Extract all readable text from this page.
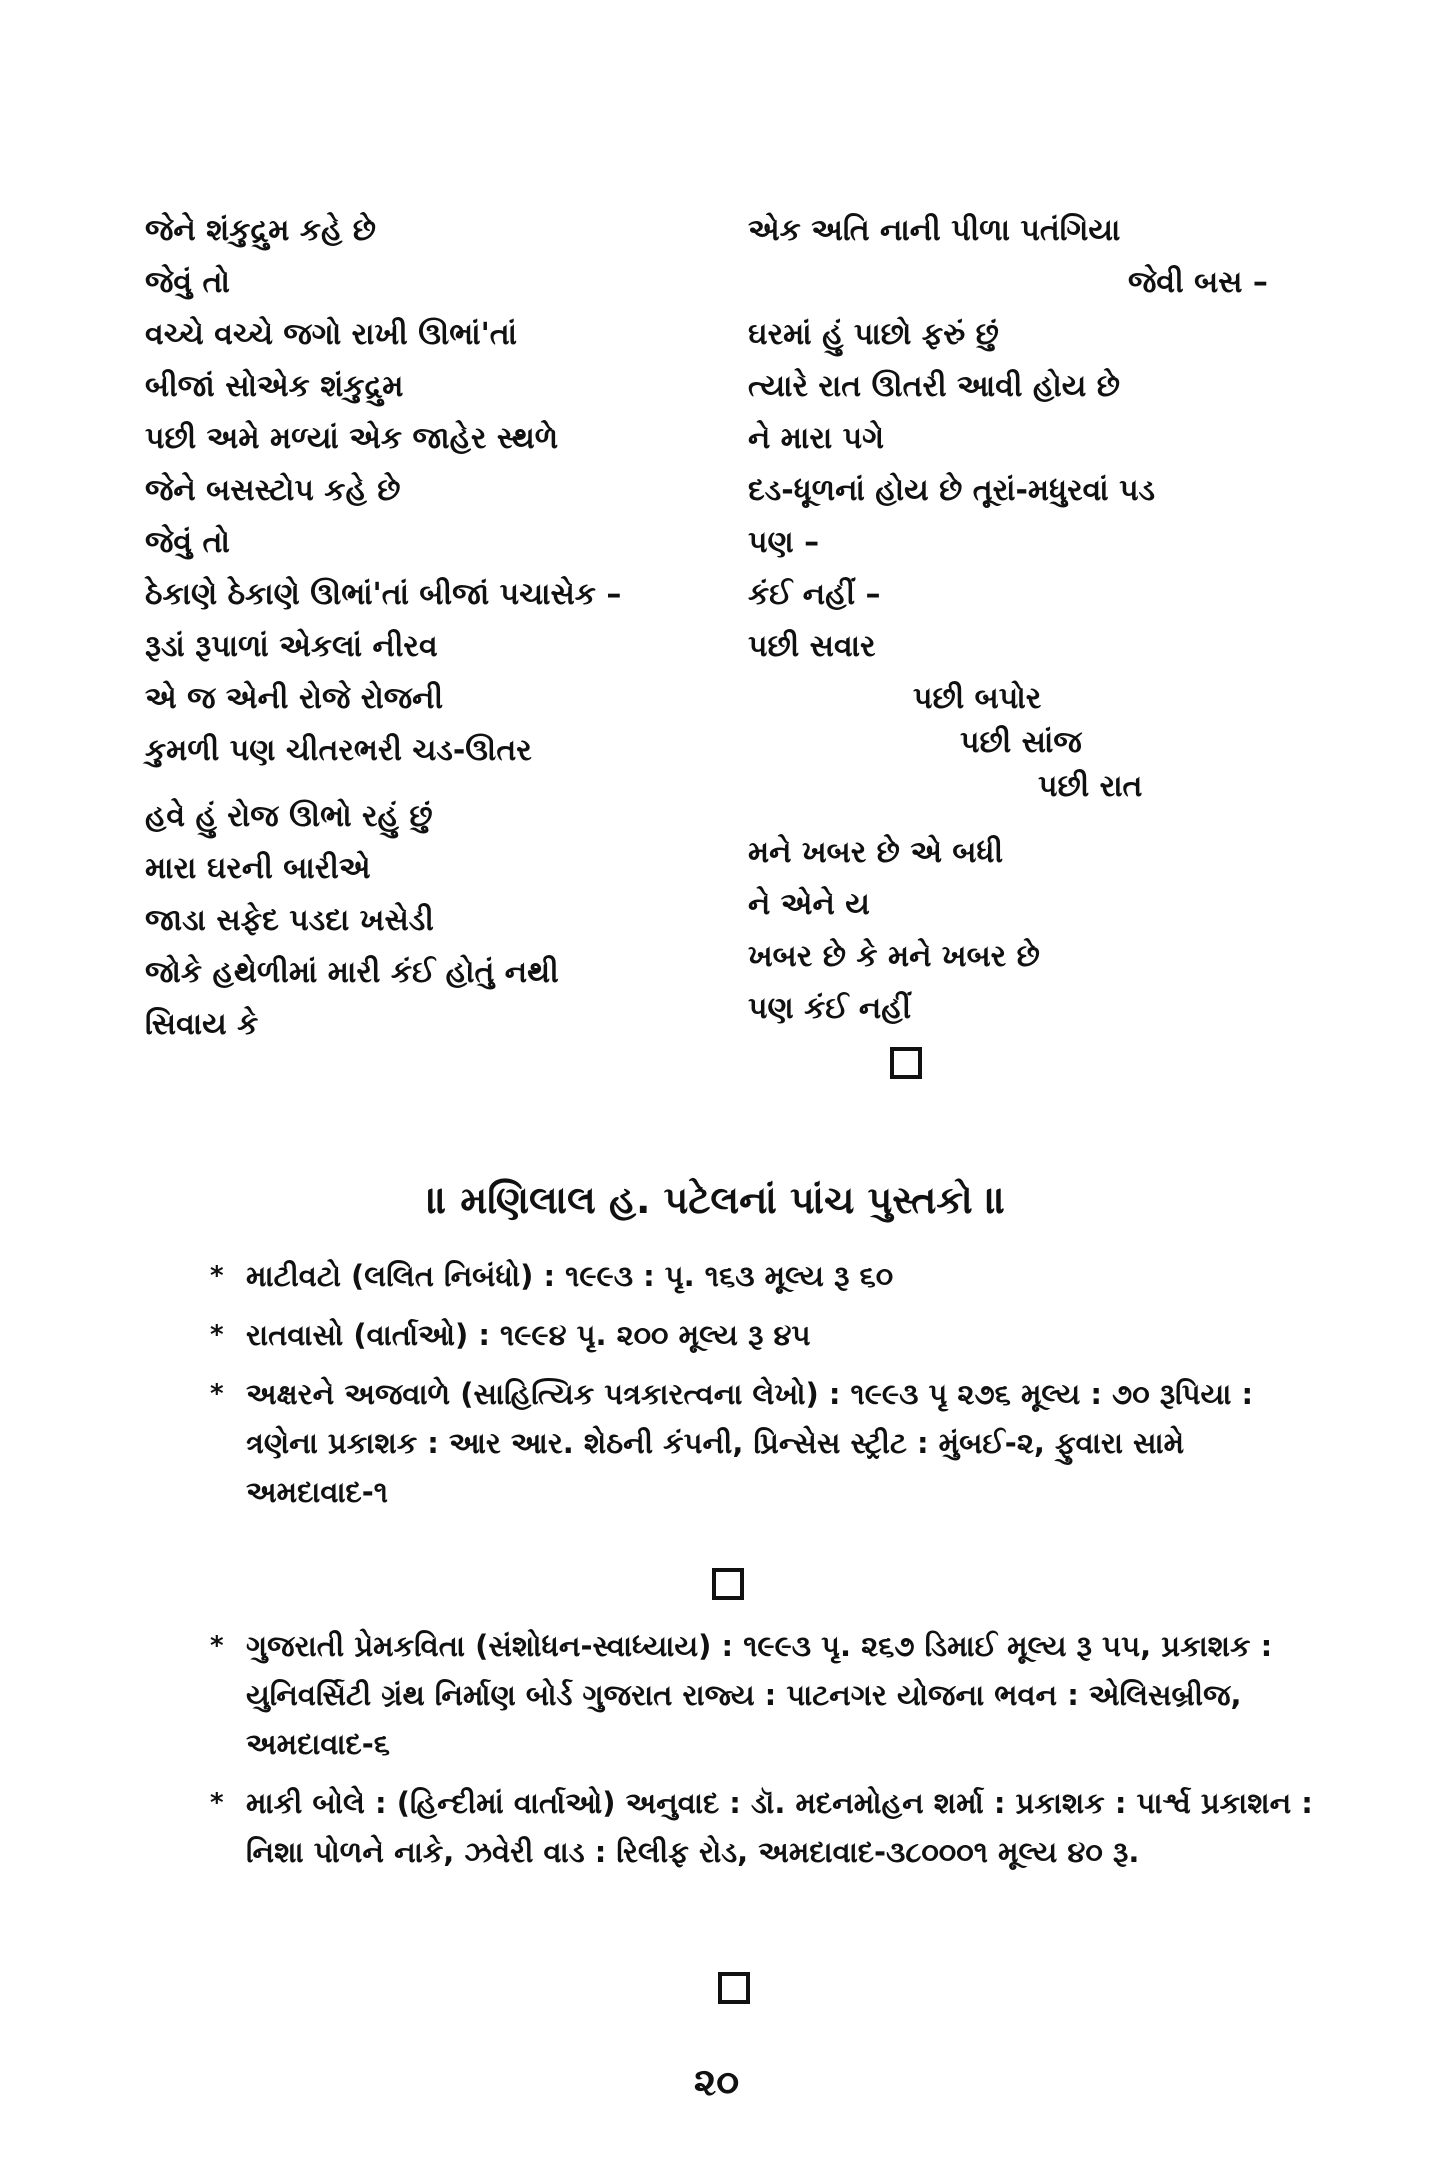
જેને શંકુદ્રુમ કહે છે
જેવું તો
વચ્ચે વચ્ચે જગો રાખી ઊભાં'તાં
બીજાં સોએક શંકુદ્રુમ
પછી અમે મળ્યાં એક જાહેર સ્થળે
જેને બસસ્ટોપ કહે છે
જેવું તો
ઠેકાણે ઠેકાણે ઊભાં'તાં બીજાં પચાસેક –
રૂડાં રૂપાળાં એકલાં નીરવ
એ જ એની રોજે રોજની
કુમળી પણ ચીતરભરી ચડ-ઊતર
હવે હું રોજ ઊભો રહું છું
મારા ઘરની બારીએ
જાડા સફેદ પડદા ખસેડી
જોકે હથેળીમાં મારી કંઈ હોતું નથી
સિવાય કે
એક અતિ નાની પીળા પતંગિયા
જેવી બસ –
ઘરમાં હું પાછો ફરું છું
ત્યારે રાત ઊતરી આવી હોય છે
ને મારા પગે
દડ-ધૂળનાં હોય છે તૂરાં-મધુરવાં પડ
પણ –
કંઈ નહીં –
પછી સવાર
પછી બપોર
પછી સાંજ
પછી રાત
મને ખબર છે એ બધી
ને એને ય
ખબર છે કે મને ખબર છે
પણ કંઈ નહીં
॥ મણિલાલ હ. પટેલનાં પાંચ પુસ્તકો ॥
* માટીવટો (લલિત નિબંધો) : ૧૯૯૩ : પૃ. ૧૬૩ મૂલ્ય રૂ ૬૦
* રાતવાસો (વાર્તાઓ) : ૧૯૯૪ પૃ. ૨૦૦ મૂલ્ય રૂ ૪૫
* અક્ષરને અજવાળે (સાહિત્યિક પત્રકારત્વના લેખો) : ૧૯૯૩ પૃ ૨૭૬ મૂલ્ય : ૭૦ રૂપિયા : ત્રણેના પ્રકાશક : આર આર. શેઠની કંપની, પ્રિન્સેસ સ્ટ્રીટ : મુંબઈ-૨, ફુવારા સામે અમદાવાદ-૧
* ગુજરાતી પ્રેમકવિતા (સંશોધન-સ્વાધ્યાય) : ૧૯૯૩ પૃ. ૨૬૭ ડિમાઈ મૂલ્ય રૂ ૫૫, પ્રકાશક : યુનિવર્સિટી ગ્રંથ નિર્માણ બોર્ડ ગુજરાત રાજ્ય : પાટનગર યોજના ભવન : એલિસબ્રીજ, અમદાવાદ-૬
* માકી બોલે : (હિન્દીમાં વાર્તાઓ) અનુવાદ : ડૉ. મદનમોહન શર્મા : પ્રકાશક : પાર્શ્વ પ્રકાશન : નિશા પોળને નાકે, ઝવેરી વાડ : રિલીફ રોડ, અમદાવાદ-૩૮૦૦૦૧ મૂલ્ય ૪૦ રૂ.
૨૦
